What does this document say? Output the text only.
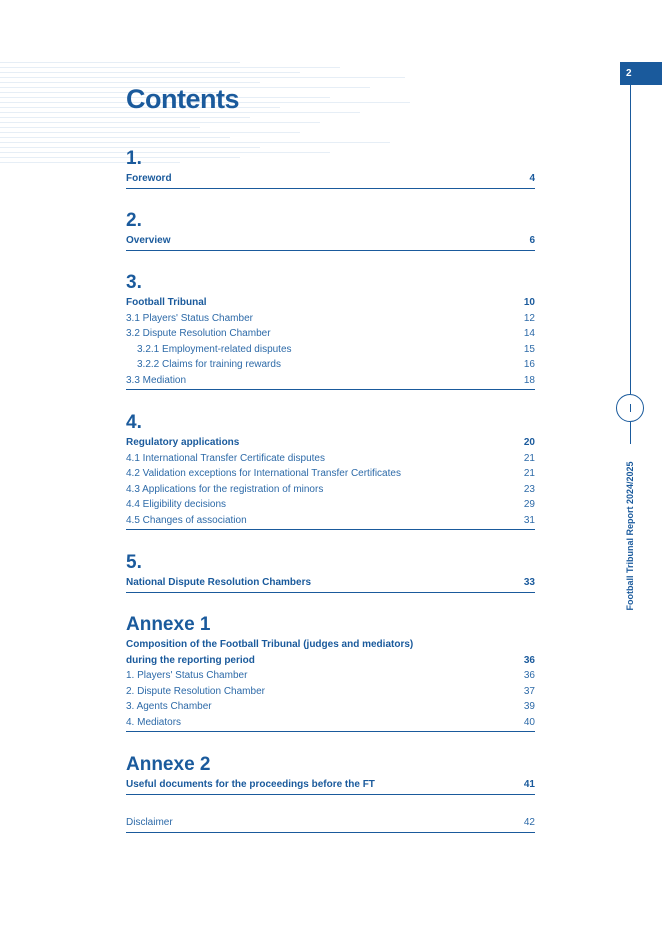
2
Football Tribunal Report 2024/2025
Contents
1.
Foreword	4
2.
Overview	6
3.
Football Tribunal	10
3.1 Players' Status Chamber	12
3.2 Dispute Resolution Chamber	14
3.2.1 Employment-related disputes	15
3.2.2 Claims for training rewards	16
3.3 Mediation	18
4.
Regulatory applications	20
4.1 International Transfer Certificate disputes	21
4.2 Validation exceptions for International Transfer Certificates	21
4.3 Applications for the registration of minors	23
4.4 Eligibility decisions	29
4.5 Changes of association	31
5.
National Dispute Resolution Chambers	33
Annexe 1
Composition of the Football Tribunal (judges and mediators)
during the reporting period	36
1. Players' Status Chamber	36
2. Dispute Resolution Chamber	37
3. Agents Chamber	39
4. Mediators	40
Annexe 2
Useful documents for the proceedings before the FT	41
Disclaimer	42
